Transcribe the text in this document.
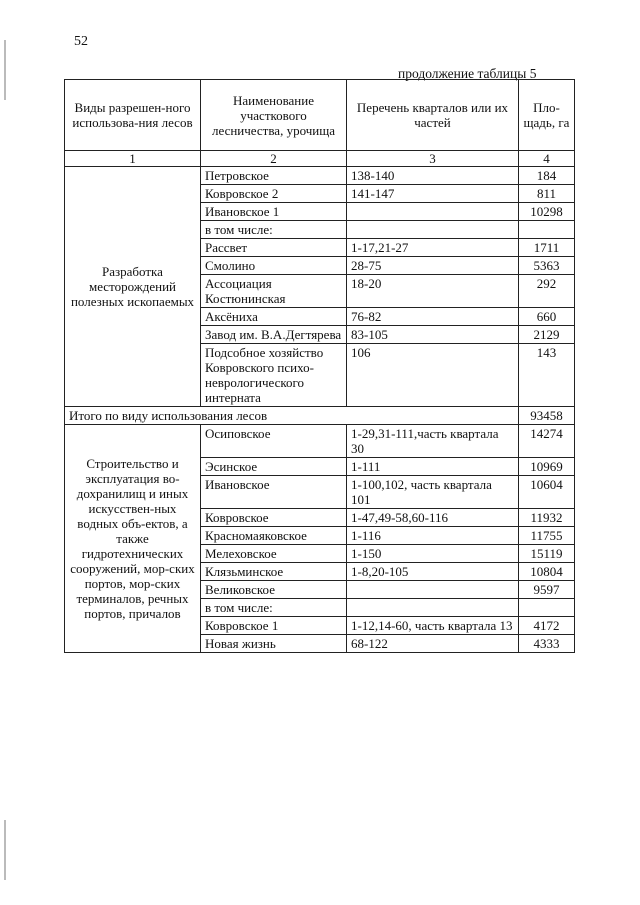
52
продолжение таблицы 5
Виды разрешен-ного использова-ния лесов	Наименование участкового лесничества, урочища	Перечень кварталов или их частей	Пло-щадь, га
1	2	3	4
Разработка месторождений полезных ископаемых	Петровское	138-140	184
	Ковровское 2	141-147	811
	Ивановское 1		10298
	в том числе:		
	Рассвет	1-17,21-27	1711
	Смолино	28-75	5363
	Ассоциация Костюнинская	18-20	292
	Аксёниха	76-82	660
	Завод им. В.А.Дегтярева	83-105	2129
	Подсобное хозяйство Ковровского психо-неврологического интерната	106	143
Итого по виду использования лесов			93458
Строительство и эксплуатация во-дохранилищ и иных искусствен-ных водных объ-ектов, а также гидротехнических сооружений, мор-ских портов, мор-ских терминалов, речных портов, причалов	Осиповское	1-29,31-111,часть квартала 30	14274
	Эсинское	1-111	10969
	Ивановское	1-100,102, часть квартала 101	10604
	Ковровское	1-47,49-58,60-116	11932
	Красномаяковское	1-116	11755
	Мелеховское	1-150	15119
	Клязьминское	1-8,20-105	10804
	Великовское		9597
	в том числе:		
	Ковровское 1	1-12,14-60, часть квартала 13	4172
	Новая жизнь	68-122	4333
